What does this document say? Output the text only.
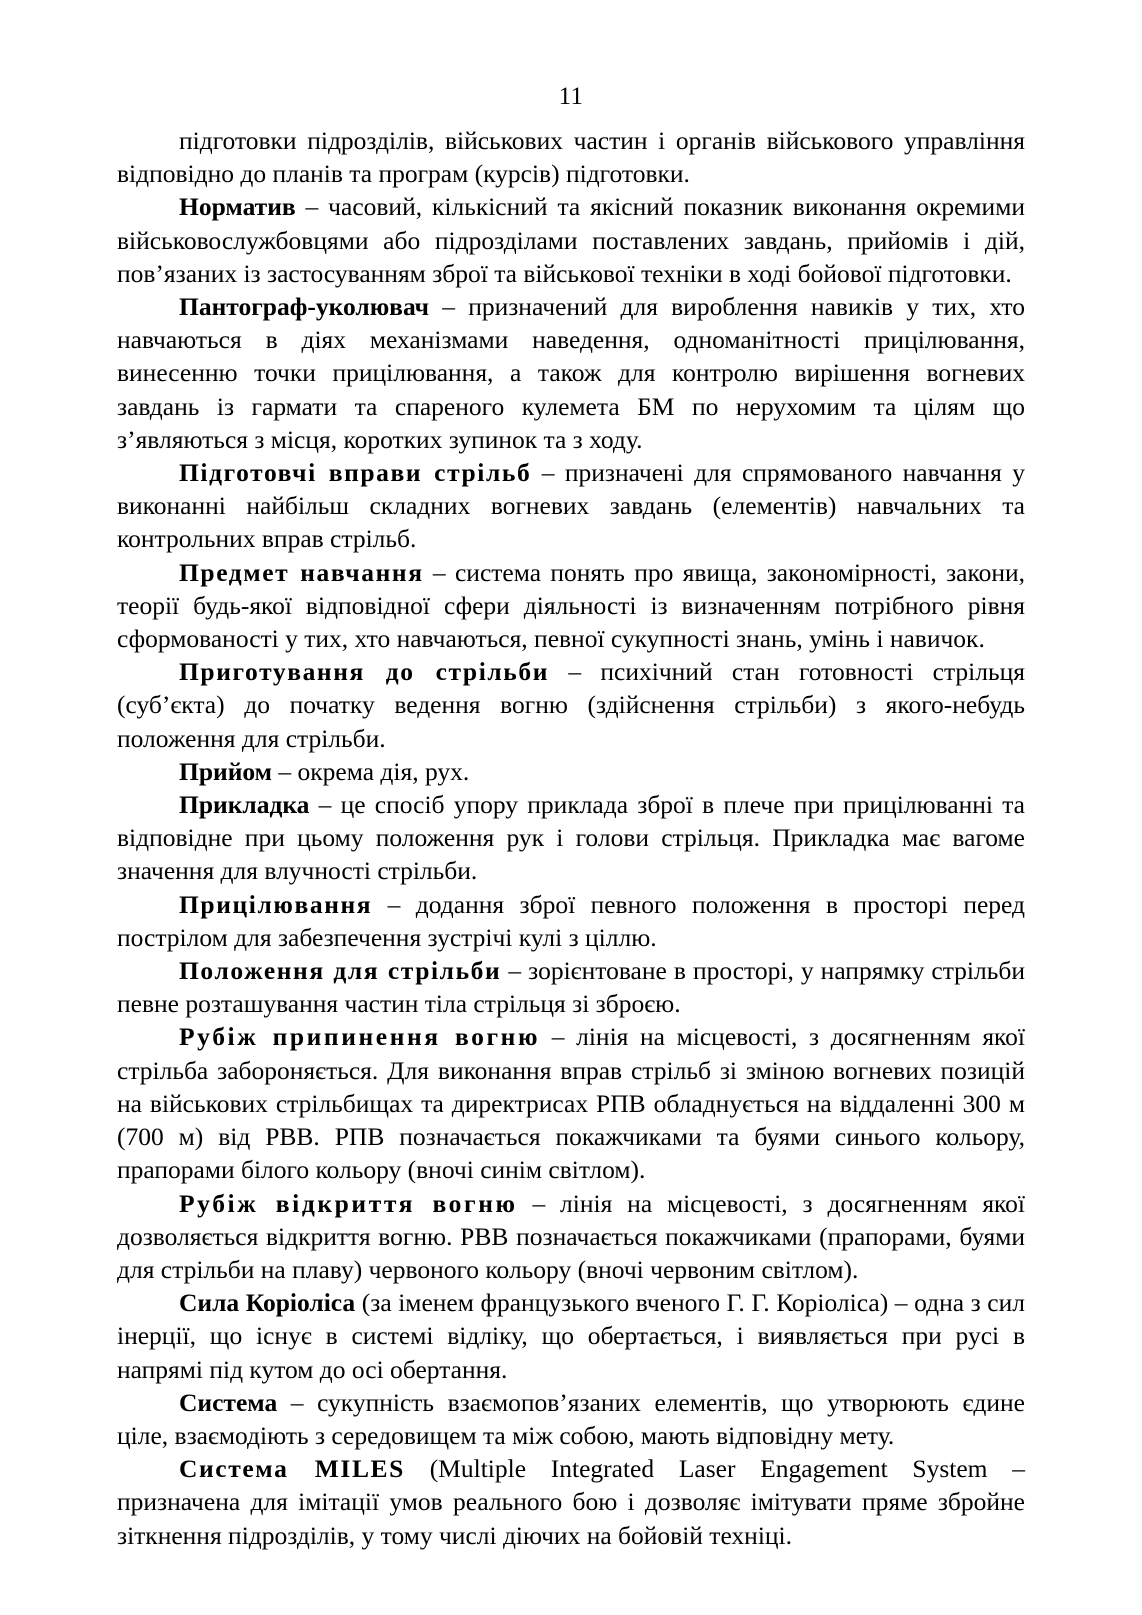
11

підготовки підрозділів, військових частин і органів військового управління відповідно до планів та програм (курсів) підготовки.

Норматив – часовий, кількісний та якісний показник виконання окремими військовослужбовцями або підрозділами поставлених завдань, прийомів і дій, пов’язаних із застосуванням зброї та військової техніки в ході бойової підготовки.

Пантограф-уколювач – призначений для вироблення навиків у тих, хто навчаються в діях механізмами наведення, одноманітності прицілювання, винесенню точки прицілювання, а також для контролю вирішення вогневих завдань із гармати та спареного кулемета БМ по нерухомим та цілям що з’являються з місця, коротких зупинок та з ходу.

Підготовчі вправи стрільб – призначені для спрямованого навчання у виконанні найбільш складних вогневих завдань (елементів) навчальних та контрольних вправ стрільб.

Предмет навчання – система понять про явища, закономірності, закони, теорії будь-якої відповідної сфери діяльності із визначенням потрібного рівня сформованості у тих, хто навчаються, певної сукупності знань, умінь і навичок.

Приготування до стрільби – психічний стан готовності стрільця (суб’єкта) до початку ведення вогню (здійснення стрільби) з якого-небудь положення для стрільби.

Прийом – окрема дія, рух.

Прикладка – це спосіб упору приклада зброї в плече при прицілюванні та відповідне при цьому положення рук і голови стрільця. Прикладка має вагоме значення для влучності стрільби.

Прицілювання – додання зброї певного положення в просторі перед пострілом для забезпечення зустрічі кулі з ціллю.

Положення для стрільби – зорієнтоване в просторі, у напрямку стрільби певне розташування частин тіла стрільця зі зброєю.

Рубіж припинення вогню – лінія на місцевості, з досягненням якої стрільба забороняється. Для виконання вправ стрільб зі зміною вогневих позицій на військових стрільбищах та директрисах РПВ обладнується на віддаленні 300 м (700 м) від РВВ. РПВ позначається покажчиками та буями синього кольору, прапорами білого кольору (вночі синім світлом).

Рубіж відкриття вогню – лінія на місцевості, з досягненням якої дозволяється відкриття вогню. РВВ позначається покажчиками (прапорами, буями для стрільби на плаву) червоного кольору (вночі червоним світлом).

Сила Коріоліса (за іменем французького вченого Г. Г. Коріоліса) – одна з сил інерції, що існує в системі відліку, що обертається, і виявляється при русі в напрямі під кутом до осі обертання.

Система – сукупність взаємопов’язаних елементів, що утворюють єдине ціле, взаємодіють з середовищем та між собою, мають відповідну мету.

Система MILES (Multiple Integrated Laser Engagement System – призначена для імітації умов реального бою і дозволяє імітувати пряме збройне зіткнення підрозділів, у тому числі діючих на бойовій техніці.
